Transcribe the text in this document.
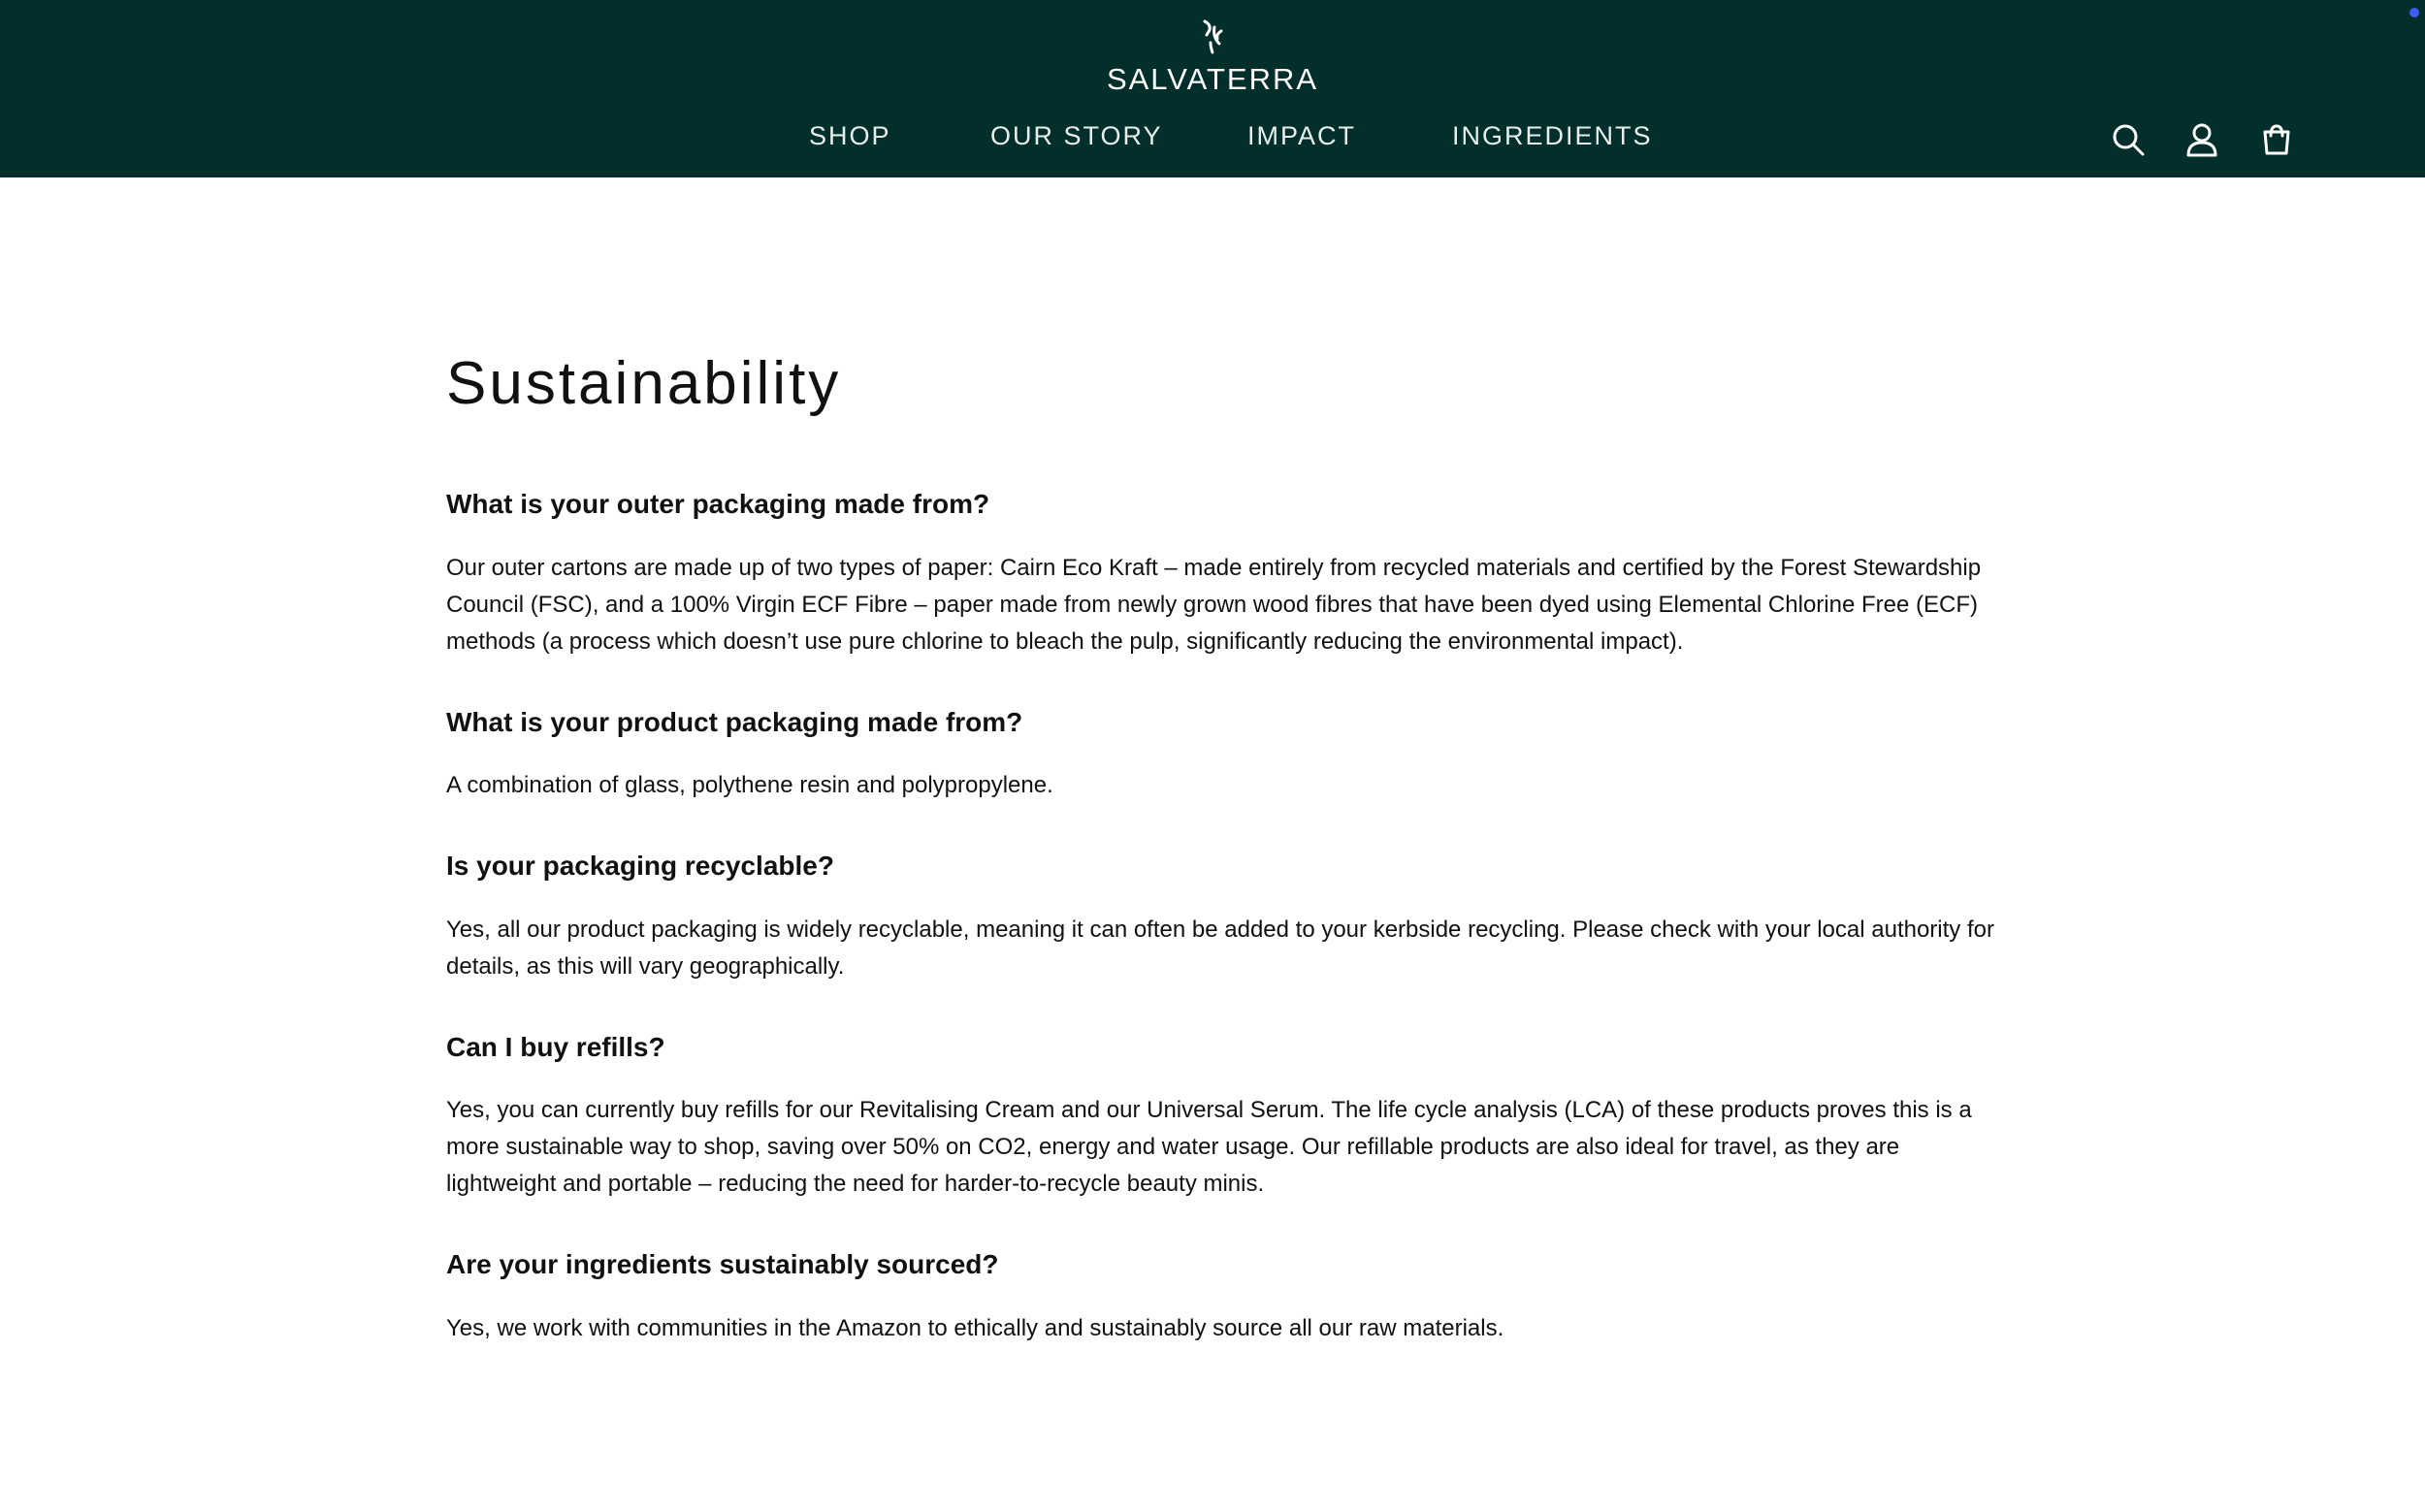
SALVATERRA
SHOP	OUR STORY	IMPACT	INGREDIENTS
Sustainability
What is your outer packaging made from?

Our outer cartons are made up of two types of paper: Cairn Eco Kraft – made entirely from recycled materials and certified by the Forest Stewardship Council (FSC), and a 100% Virgin ECF Fibre – paper made from newly grown wood fibres that have been dyed using Elemental Chlorine Free (ECF) methods (a process which doesn’t use pure chlorine to bleach the pulp, significantly reducing the environmental impact).

What is your product packaging made from?

A combination of glass, polythene resin and polypropylene.

Is your packaging recyclable?

Yes, all our product packaging is widely recyclable, meaning it can often be added to your kerbside recycling. Please check with your local authority for details, as this will vary geographically.

Can I buy refills?

Yes, you can currently buy refills for our Revitalising Cream and our Universal Serum. The life cycle analysis (LCA) of these products proves this is a more sustainable way to shop, saving over 50% on CO2, energy and water usage. Our refillable products are also ideal for travel, as they are lightweight and portable – reducing the need for harder-to-recycle beauty minis.

Are your ingredients sustainably sourced?

Yes, we work with communities in the Amazon to ethically and sustainably source all our raw materials.
